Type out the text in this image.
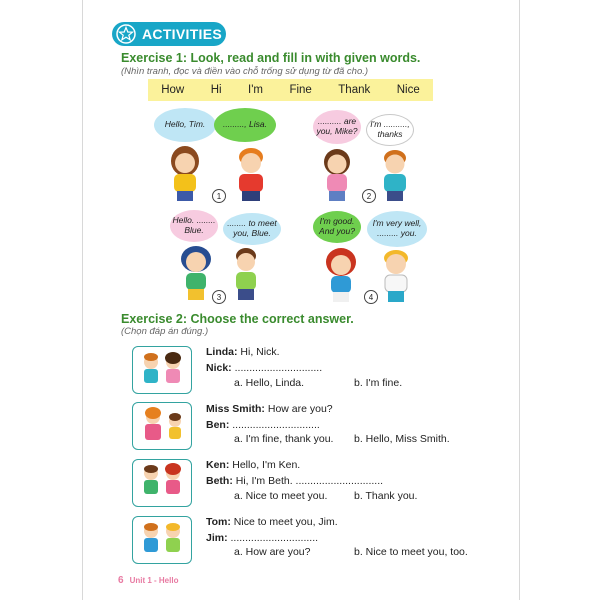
ACTIVITIES
Exercise 1: Look, read and fill in with given words.
(Nhìn tranh, đọc và điền vào chỗ trống sử dụng từ đã cho.)
How Hi I'm Fine Thank Nice
Hello, Tim.	........., Lisa.
1
.......... are you, Mike?
I'm .........., thanks
2
Hello. ........ Blue.
........ to meet you, Blue.
3
I'm good. And you?
I'm very well, ......... you.
4
Exercise 2: Choose the correct answer.
(Chọn đáp án đúng.)
Linda: Hi, Nick.
Nick: ..............................
a. Hello, Linda.	b. I'm fine.
Miss Smith: How are you?
Ben: ..............................
a. I'm fine, thank you. b. Hello, Miss Smith.
Ken: Hello, I'm Ken.
Beth: Hi, I'm Beth. ..............................
a. Nice to meet you.	b. Thank you.
Tom: Nice to meet you, Jim.
Jim: ..............................
a. How are you?	b. Nice to meet you, too.
6 Unit 1 - Hello
